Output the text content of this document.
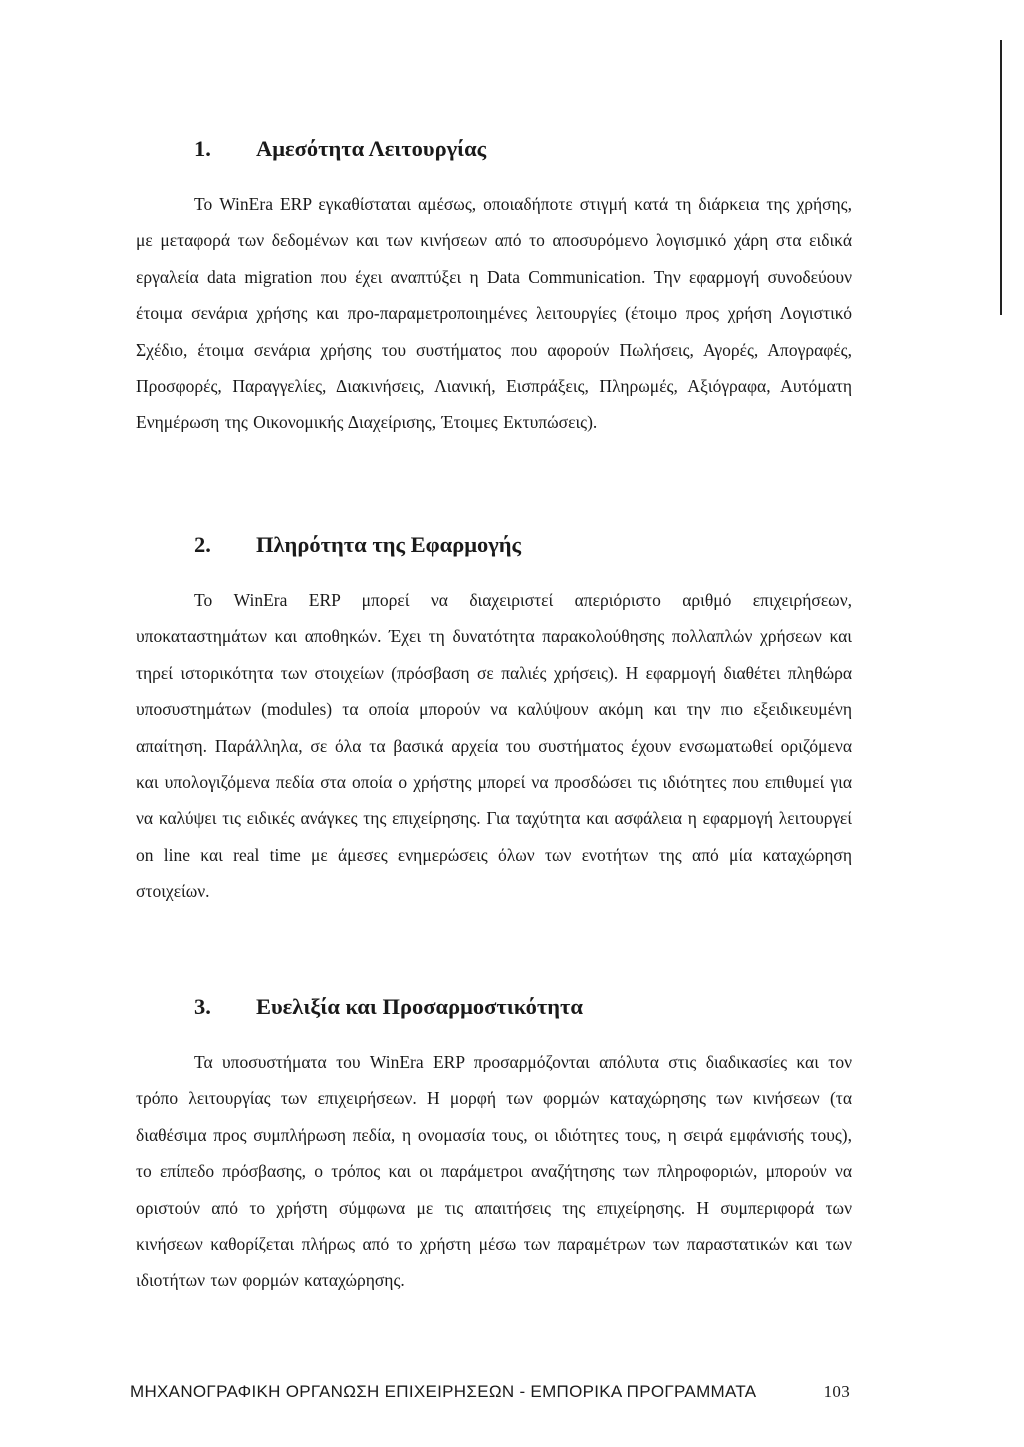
1.	Αμεσότητα Λειτουργίας

Το WinEra ERP εγκαθίσταται αμέσως, οποιαδήποτε στιγμή κατά τη διάρκεια της χρήσης, με μεταφορά των δεδομένων και των κινήσεων από το αποσυρόμενο λογισμικό χάρη στα ειδικά εργαλεία data migration που έχει αναπτύξει η Data Communication. Την εφαρμογή συνοδεύουν έτοιμα σενάρια χρήσης και προ-παραμετροποιημένες λειτουργίες (έτοιμο προς χρήση Λογιστικό Σχέδιο, έτοιμα σενάρια χρήσης του συστήματος που αφορούν Πωλήσεις, Αγορές, Απογραφές, Προσφορές, Παραγγελίες, Διακινήσεις, Λιανική, Εισπράξεις, Πληρωμές, Αξιόγραφα, Αυτόματη Ενημέρωση της Οικονομικής Διαχείρισης, Έτοιμες Εκτυπώσεις).

2.	Πληρότητα της Εφαρμογής

Το WinEra ERP μπορεί να διαχειριστεί απεριόριστο αριθμό επιχειρήσεων, υποκαταστημάτων και αποθηκών. Έχει τη δυνατότητα παρακολούθησης πολλαπλών χρήσεων και τηρεί ιστορικότητα των στοιχείων (πρόσβαση σε παλιές χρήσεις). Η εφαρμογή διαθέτει πληθώρα υποσυστημάτων (modules) τα οποία μπορούν να καλύψουν ακόμη και την πιο εξειδικευμένη απαίτηση. Παράλληλα, σε όλα τα βασικά αρχεία του συστήματος έχουν ενσωματωθεί οριζόμενα και υπολογιζόμενα πεδία στα οποία ο χρήστης μπορεί να προσδώσει τις ιδιότητες που επιθυμεί για να καλύψει τις ειδικές ανάγκες της επιχείρησης. Για ταχύτητα και ασφάλεια η εφαρμογή λειτουργεί on line και real time με άμεσες ενημερώσεις όλων των ενοτήτων της από μία καταχώρηση στοιχείων.

3.	Ευελιξία και Προσαρμοστικότητα

Τα υποσυστήματα του WinEra ERP προσαρμόζονται απόλυτα στις διαδικασίες και τον τρόπο λειτουργίας των επιχειρήσεων. Η μορφή των φορμών καταχώρησης των κινήσεων (τα διαθέσιμα προς συμπλήρωση πεδία, η ονομασία τους, οι ιδιότητες τους, η σειρά εμφάνισής τους), το επίπεδο πρόσβασης, ο τρόπος και οι παράμετροι αναζήτησης των πληροφοριών, μπορούν να οριστούν από το χρήστη σύμφωνα με τις απαιτήσεις της επιχείρησης. Η συμπεριφορά των κινήσεων καθορίζεται πλήρως από το χρήστη μέσω των παραμέτρων των παραστατικών και των ιδιοτήτων των φορμών καταχώρησης.

ΜΗΧΑΝΟΓΡΑΦΙΚΗ ΟΡΓΑΝΩΣΗ ΕΠΙΧΕΙΡΗΣΕΩΝ - ΕΜΠΟΡΙΚΑ ΠΡΟΓΡΑΜΜΑΤΑ	103
